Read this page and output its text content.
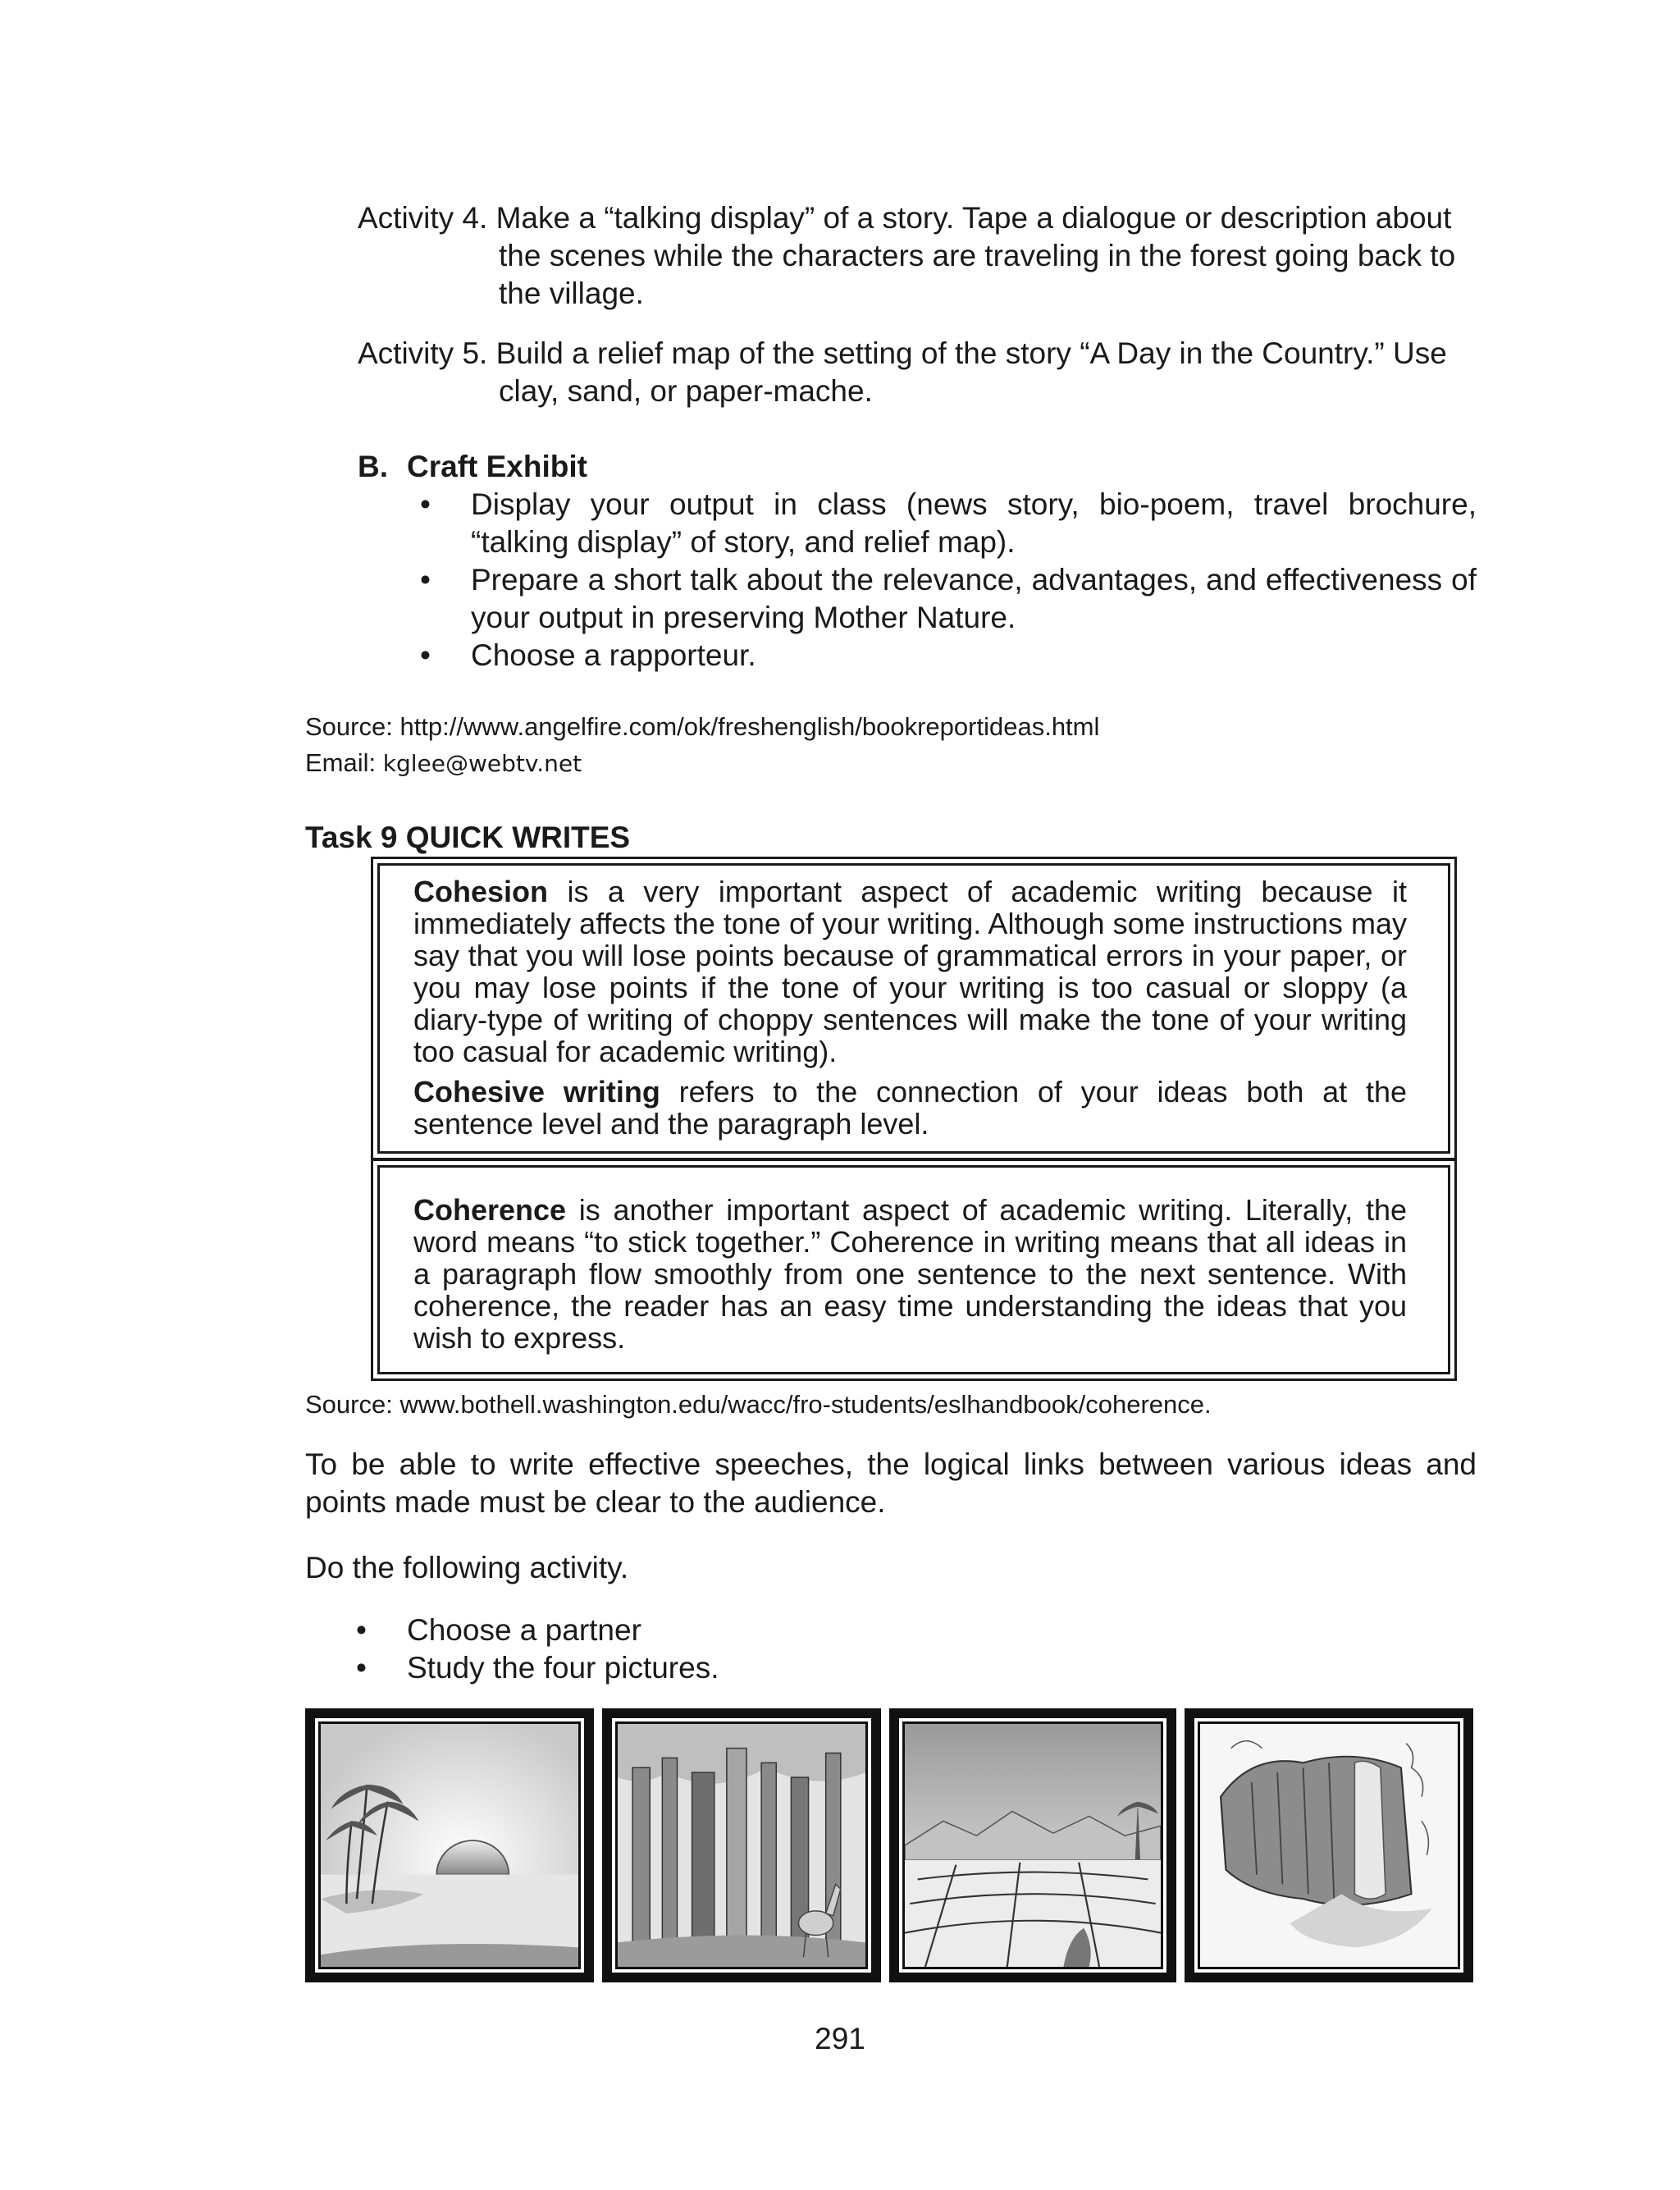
Activity 4. Make a “talking display” of a story. Tape a dialogue or description about
the scenes while the characters are traveling in the forest going back to
the village.
Activity 5. Build a relief map of the setting of the story “A Day in the Country.” Use
clay, sand, or paper-mache.
B. Craft Exhibit
• Display your output in class (news story, bio-poem, travel brochure, “talking display” of story, and relief map).
• Prepare a short talk about the relevance, advantages, and effectiveness of your output in preserving Mother Nature.
• Choose a rapporteur.
Source: http://www.angelfire.com/ok/freshenglish/bookreportideas.html
Email: kglee@webtv.net
Task 9 QUICK WRITES

Cohesion is a very important aspect of academic writing because it immediately affects the tone of your writing. Although some instructions may say that you will lose points because of grammatical errors in your paper, or you may lose points if the tone of your writing is too casual or sloppy (a diary-type of writing of choppy sentences will make the tone of your writing too casual for academic writing).

Cohesive writing refers to the connection of your ideas both at the sentence level and the paragraph level.

Coherence is another important aspect of academic writing. Literally, the word means “to stick together.” Coherence in writing means that all ideas in a paragraph flow smoothly from one sentence to the next sentence. With coherence, the reader has an easy time understanding the ideas that you wish to express.

Source: www.bothell.washington.edu/wacc/fro-students/eslhandbook/coherence.
To be able to write effective speeches, the logical links between various ideas and points made must be clear to the audience.
Do the following activity.
• Choose a partner
• Study the four pictures.
291
